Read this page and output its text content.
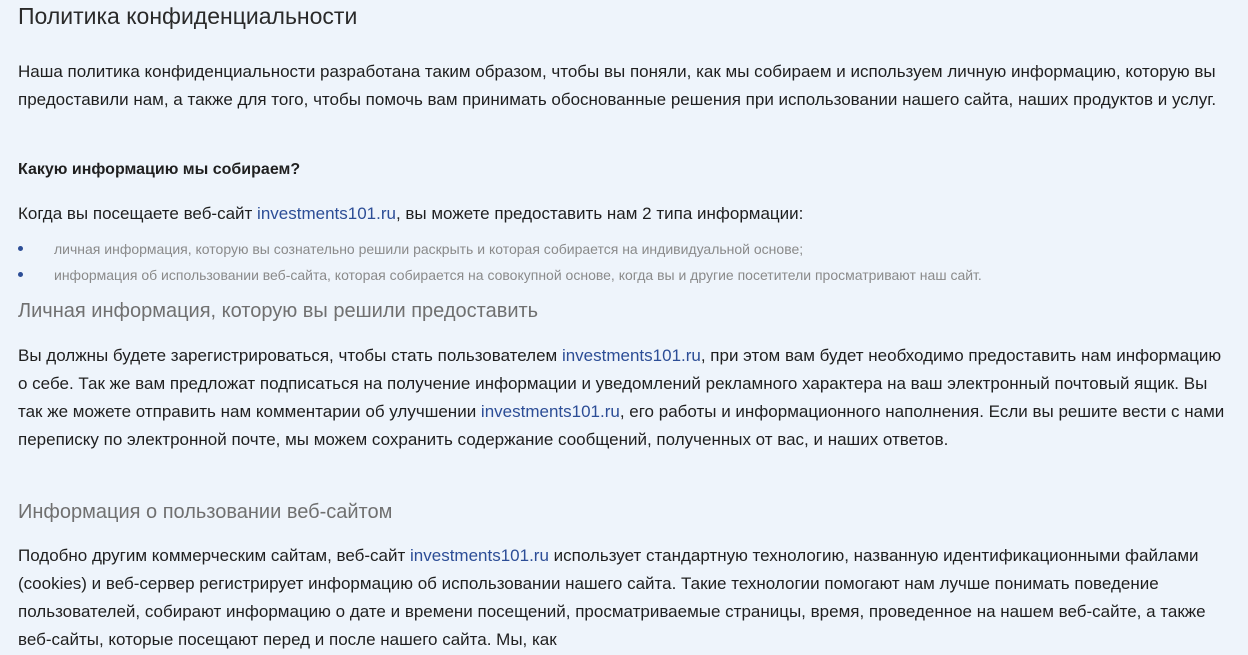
Политика конфиденциальности

Наша политика конфиденциальности разработана таким образом, чтобы вы поняли, как мы собираем и используем личную информацию, которую вы предоставили нам, а также для того, чтобы помочь вам принимать обоснованные решения при использовании нашего сайта, наших продуктов и услуг.

Какую информацию мы собираем?

Когда вы посещаете веб-сайт investments101.ru, вы можете предоставить нам 2 типа информации:

личная информация, которую вы сознательно решили раскрыть и которая собирается на индивидуальной основе;
информация об использовании веб-сайта, которая собирается на совокупной основе, когда вы и другие посетители просматривают наш сайт.
Личная информация, которую вы решили предоставить

Вы должны будете зарегистрироваться, чтобы стать пользователем investments101.ru, при этом вам будет необходимо предоставить нам информацию о себе. Так же вам предложат подписаться на получение информации и уведомлений рекламного характера на ваш электронный почтовый ящик. Вы так же можете отправить нам комментарии об улучшении investments101.ru, его работы и информационного наполнения. Если вы решите вести с нами переписку по электронной почте, мы можем сохранить содержание сообщений, полученных от вас, и наших ответов.

Информация о пользовании веб-сайтом

Подобно другим коммерческим сайтам, веб-сайт investments101.ru использует стандартную технологию, названную идентификационными файлами (cookies) и веб-сервер регистрирует информацию об использовании нашего сайта. Такие технологии помогают нам лучше понимать поведение пользователей, собирают информацию о дате и времени посещений, просматриваемые страницы, время, проведенное на нашем веб-сайте, а также веб-сайты, которые посещают перед и после нашего сайта. Мы, как
